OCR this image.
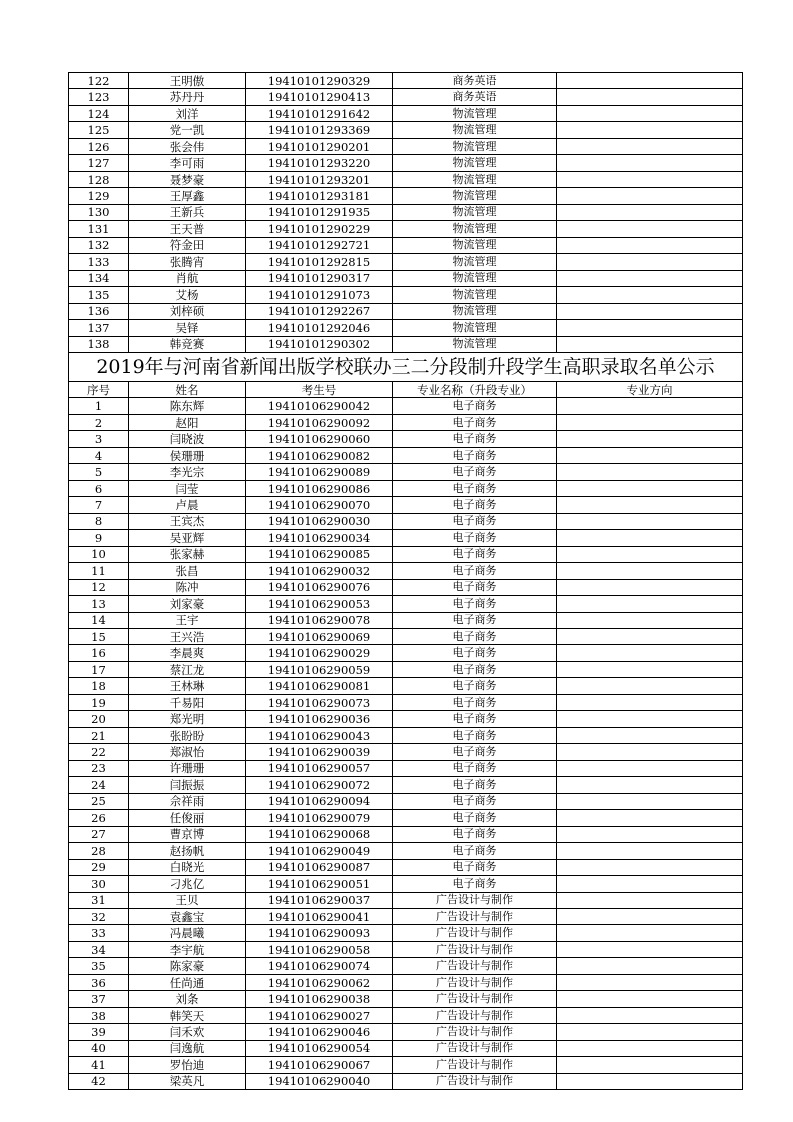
122	王明傲	19410101290329	商务英语	
123	苏丹丹	19410101290413	商务英语	
124	刘洋	19410101291642	物流管理	
125	党一凯	19410101293369	物流管理	
126	张会伟	19410101290201	物流管理	
127	李可雨	19410101293220	物流管理	
128	聂梦豪	19410101293201	物流管理	
129	王厚鑫	19410101293181	物流管理	
130	王新兵	19410101291935	物流管理	
131	王天普	19410101290229	物流管理	
132	符金田	19410101292721	物流管理	
133	张腾宵	19410101292815	物流管理	
134	肖航	19410101290317	物流管理	
135	艾杨	19410101291073	物流管理	
136	刘梓硕	19410101292267	物流管理	
137	吴铎	19410101292046	物流管理	
138	韩竞赛	19410101290302	物流管理	
2019年与河南省新闻出版学校联办三二分段制升段学生高职录取名单公示				
序号	姓名	考生号	专业名称（升段专业）	专业方向
1	陈东辉	19410106290042	电子商务	
2	赵阳	19410106290092	电子商务	
3	闫晓波	19410106290060	电子商务	
4	侯珊珊	19410106290082	电子商务	
5	李光宗	19410106290089	电子商务	
6	闫莹	19410106290086	电子商务	
7	卢晨	19410106290070	电子商务	
8	王宾杰	19410106290030	电子商务	
9	吴亚辉	19410106290034	电子商务	
10	张家赫	19410106290085	电子商务	
11	张昌	19410106290032	电子商务	
12	陈冲	19410106290076	电子商务	
13	刘家豪	19410106290053	电子商务	
14	王宇	19410106290078	电子商务	
15	王兴浩	19410106290069	电子商务	
16	李晨爽	19410106290029	电子商务	
17	蔡江龙	19410106290059	电子商务	
18	王林琳	19410106290081	电子商务	
19	千易阳	19410106290073	电子商务	
20	郑光明	19410106290036	电子商务	
21	张盼盼	19410106290043	电子商务	
22	郑淑怡	19410106290039	电子商务	
23	许珊珊	19410106290057	电子商务	
24	闫振振	19410106290072	电子商务	
25	佘祥雨	19410106290094	电子商务	
26	任俊丽	19410106290079	电子商务	
27	曹京博	19410106290068	电子商务	
28	赵扬帆	19410106290049	电子商务	
29	白晓光	19410106290087	电子商务	
30	刁兆亿	19410106290051	电子商务	
31	王贝	19410106290037	广告设计与制作	
32	袁鑫宝	19410106290041	广告设计与制作	
33	冯晨曦	19410106290093	广告设计与制作	
34	李宇航	19410106290058	广告设计与制作	
35	陈家豪	19410106290074	广告设计与制作	
36	任尚通	19410106290062	广告设计与制作	
37	刘条	19410106290038	广告设计与制作	
38	韩笑天	19410106290027	广告设计与制作	
39	闫禾欢	19410106290046	广告设计与制作	
40	闫逸航	19410106290054	广告设计与制作	
41	罗怡迪	19410106290067	广告设计与制作	
42	梁英凡	19410106290040	广告设计与制作	
